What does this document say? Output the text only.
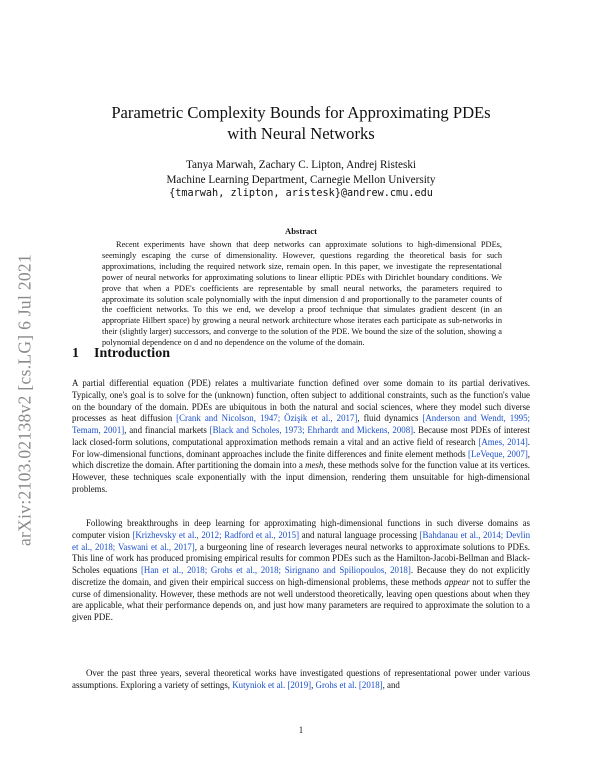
arXiv:2103.02138v2 [cs.LG] 6 Jul 2021
Parametric Complexity Bounds for Approximating PDEs
with Neural Networks
Tanya Marwah, Zachary C. Lipton, Andrej Risteski
Machine Learning Department, Carnegie Mellon University
{tmarwah, zlipton, aristesk}@andrew.cmu.edu
Abstract

Recent experiments have shown that deep networks can approximate solutions to high-dimensional PDEs, seemingly escaping the curse of dimensionality. However, questions regarding the theoretical basis for such approximations, including the required network size, remain open. In this paper, we investigate the representational power of neural networks for approximating solutions to linear elliptic PDEs with Dirichlet boundary conditions. We prove that when a PDE's coefficients are representable by small neural networks, the parameters required to approximate its solution scale polynomially with the input dimension d and proportionally to the parameter counts of the coefficient networks. To this we end, we develop a proof technique that simulates gradient descent (in an appropriate Hilbert space) by growing a neural network architecture whose iterates each participate as sub-networks in their (slightly larger) successors, and converge to the solution of the PDE. We bound the size of the solution, showing a polynomial dependence on d and no dependence on the volume of the domain.

1 Introduction

A partial differential equation (PDE) relates a multivariate function defined over some domain to its partial derivatives. Typically, one's goal is to solve for the (unknown) function, often subject to additional constraints, such as the function's value on the boundary of the domain. PDEs are ubiquitous in both the natural and social sciences, where they model such diverse processes as heat diffusion [Crank and Nicolson, 1947; Özişik et al., 2017], fluid dynamics [Anderson and Wendt, 1995; Temam, 2001], and financial markets [Black and Scholes, 1973; Ehrhardt and Mickens, 2008]. Because most PDEs of interest lack closed-form solutions, computational approximation methods remain a vital and an active field of research [Ames, 2014]. For low-dimensional functions, dominant approaches include the finite differences and finite element methods [LeVeque, 2007], which discretize the domain. After partitioning the domain into a mesh, these methods solve for the function value at its vertices. However, these techniques scale exponentially with the input dimension, rendering them unsuitable for high-dimensional problems.

Following breakthroughs in deep learning for approximating high-dimensional functions in such diverse domains as computer vision [Krizhevsky et al., 2012; Radford et al., 2015] and natural language processing [Bahdanau et al., 2014; Devlin et al., 2018; Vaswani et al., 2017], a burgeoning line of research leverages neural networks to approximate solutions to PDEs. This line of work has produced promising empirical results for common PDEs such as the Hamilton-Jacobi-Bellman and Black-Scholes equations [Han et al., 2018; Grohs et al., 2018; Sirignano and Spiliopoulos, 2018]. Because they do not explicitly discretize the domain, and given their empirical success on high-dimensional problems, these methods appear not to suffer the curse of dimensionality. However, these methods are not well understood theoretically, leaving open questions about when they are applicable, what their performance depends on, and just how many parameters are required to approximate the solution to a given PDE.

Over the past three years, several theoretical works have investigated questions of representational power under various assumptions. Exploring a variety of settings, Kutyniok et al. [2019], Grohs et al. [2018], and

1
